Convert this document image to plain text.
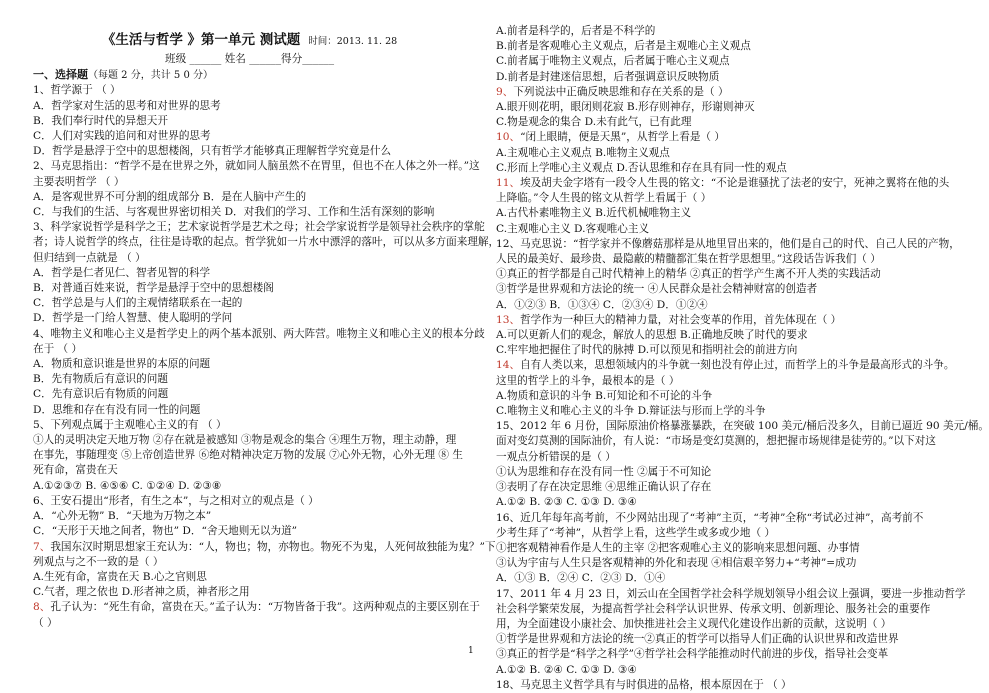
《生活与哲学 》第一单元 测试题 时间：2013. 11. 28
班级 ______ 姓名 ______得分______
一、选择题（每题 2 分，共计 5 0 分）
1、哲学源于 （ ）
A．哲学家对生活的思考和对世界的思考
B．我们奉行时代的异想天开
C．人们对实践的追问和对世界的思考
D．哲学是悬浮于空中的思想楼阁，只有哲学才能够真正理解哲学究竟是什么
2、马克思指出：“哲学不是在世界之外，就如同人脑虽然不在胃里，但也不在人体之外一样。”这
主要表明哲学 （ ）
A．是客观世界不可分割的组成部分 B．是在人脑中产生的
C．与我们的生活、与客观世界密切相关 D．对我们的学习、工作和生活有深刻的影响
3、科学家说哲学是科学之王；艺术家说哲学是艺术之母；社会学家说哲学是领导社会秩序的掌舵
者；诗人说哲学的终点，往往是诗歌的起点。哲学犹如一片水中漂浮的落叶，可以从多方面来理解，
但归结到一点就是 （ ）
A．哲学是仁者见仁、智者见智的科学
B．对普通百姓来说，哲学是悬浮于空中的思想楼阁
C．哲学总是与人们的主观情绪联系在一起的
D．哲学是一门给人智慧、使人聪明的学问
4、唯物主义和唯心主义是哲学史上的两个基本派别、两大阵营。唯物主义和唯心主义的根本分歧
在于 （ ）
A．物质和意识谁是世界的本原的问题
B．先有物质后有意识的问题
C．先有意识后有物质的问题
D．思维和存在有没有同一性的问题
5、下列观点属于主观唯心主义的有 （ ）
①人的灵明决定天地万物 ②存在就是被感知 ③物是观念的集合 ④理生万物，理主动静，理
在事先，事随理变 ⑤上帝创造世界 ⑥绝对精神决定万物的发展 ⑦心外无物，心外无理 ⑧ 生
死有命，富贵在天
A.①②③⑦ B. ④⑤⑥ C. ①②④ D. ②③⑧
6、王安石提出“形者，有生之本”，与之相对立的观点是（ ）
A．“心外无物” B．“天地为万物之本”
C．“天形于天地之间者，物也” D．“舍天地则无以为道”
7、我国东汉时期思想家王充认为：“人，物也；物，亦物也。物死不为鬼，人死何故独能为鬼？”下
列观点与之不一致的是（ ）
A.生死有命，富贵在天 B.心之官则思
C.气者，理之依也 D.形者神之质，神者形之用
8、孔子认为：“死生有命，富贵在天。”孟子认为：“万物皆备于我”。这两种观点的主要区别在于
（ ）
A.前者是科学的，后者是不科学的
B.前者是客观唯心主义观点，后者是主观唯心主义观点
C.前者属于唯物主义观点，后者属于唯心主义观点
D.前者是封建迷信思想，后者强调意识反映物质
9、下列说法中正确反映思维和存在关系的是（ ）
A.眼开则花明，眼闭则花寂 B.形存则神存，形谢则神灭
C.物是观念的集合 D.未有此气，已有此理
10、“闭上眼睛，便是天黑”，从哲学上看是（ ）
A.主观唯心主义观点 B.唯物主义观点
C.形而上学唯心主义观点 D.否认思维和存在具有同一性的观点
11、埃及胡夫金字塔有一段令人生畏的铭文：“不论是谁骚扰了法老的安宁，死神之翼将在他的头
上降临。”令人生畏的铭文从哲学上看属于（ ）
A.古代朴素唯物主义 B.近代机械唯物主义
C.主观唯心主义 D.客观唯心主义
12、马克思说：“哲学家并不像蘑菇那样是从地里冒出来的，他们是自己的时代、自己人民的产物，
人民的最美好、最珍贵、最隐蔽的精髓都汇集在哲学思想里。”这段话告诉我们（ ）
①真正的哲学都是自己时代精神上的精华 ②真正的哲学产生离不开人类的实践活动
③哲学是世界观和方法论的统一 ④人民群众是社会精神财富的创造者
A．①②③ B．①③④ C．②③④ D．①②④
13、哲学作为一种巨大的精神力量，对社会变革的作用，首先体现在（ ）
A.可以更新人们的观念，解放人的思想 B.正确地反映了时代的要求
C.牢牢地把握住了时代的脉搏 D.可以预见和指明社会的前进方向
14、自有人类以来，思想领域内的斗争就一刻也没有停止过，而哲学上的斗争是最高形式的斗争。
这里的哲学上的斗争，最根本的是（ ）
A.物质和意识的斗争 B.可知论和不可论的斗争
C.唯物主义和唯心主义的斗争 D.辩证法与形而上学的斗争
15、2012 年 6 月份，国际原油价格暴涨暴跌，在突破 100 美元/桶后没多久，目前已逼近 90 美元/桶。
面对变幻莫测的国际油价，有人说：“市场是变幻莫测的，想把握市场规律是徒劳的。”以下对这
一观点分析错误的是（ ）
①认为思维和存在没有同一性 ②属于不可知论
③表明了存在决定思维 ④思维正确认识了存在
A.①② B. ②③ C. ①③ D. ③④
16、近几年每年高考前，不少网站出现了“考神”主页，“考神”全称“考试必过神”，高考前不
少考生拜了“考神”，从哲学上看，这些学生或多或少地（ ）
①把客观精神看作是人生的主宰 ②把客观唯心主义的影响来思想问题、办事情
③认为宇宙与人生只是客观精神的外化和表现 ④相信艰辛努力+“考神”=成功
A．①③ B．②④ C．②③ D．①④
17、2011 年 4 月 23 日，刘云山在全国哲学社会科学规划领导小组会议上强调，要进一步推动哲学
社会科学繁荣发展，为提高哲学社会科学认识世界、传承文明、创新理论、服务社会的重要作
用，为全面建设小康社会、加快推进社会主义现代化建设作出新的贡献，这说明（ ）
①哲学是世界观和方法论的统一②真正的哲学可以指导人们正确的认识世界和改造世界
③真正的哲学是“科学之科学”④哲学社会科学能推动时代前进的步伐，指导社会变革
A.①② B. ②④ C. ①③ D. ③④
18、马克思主义哲学具有与时俱进的品格，根本原因在于 （ ）
1
